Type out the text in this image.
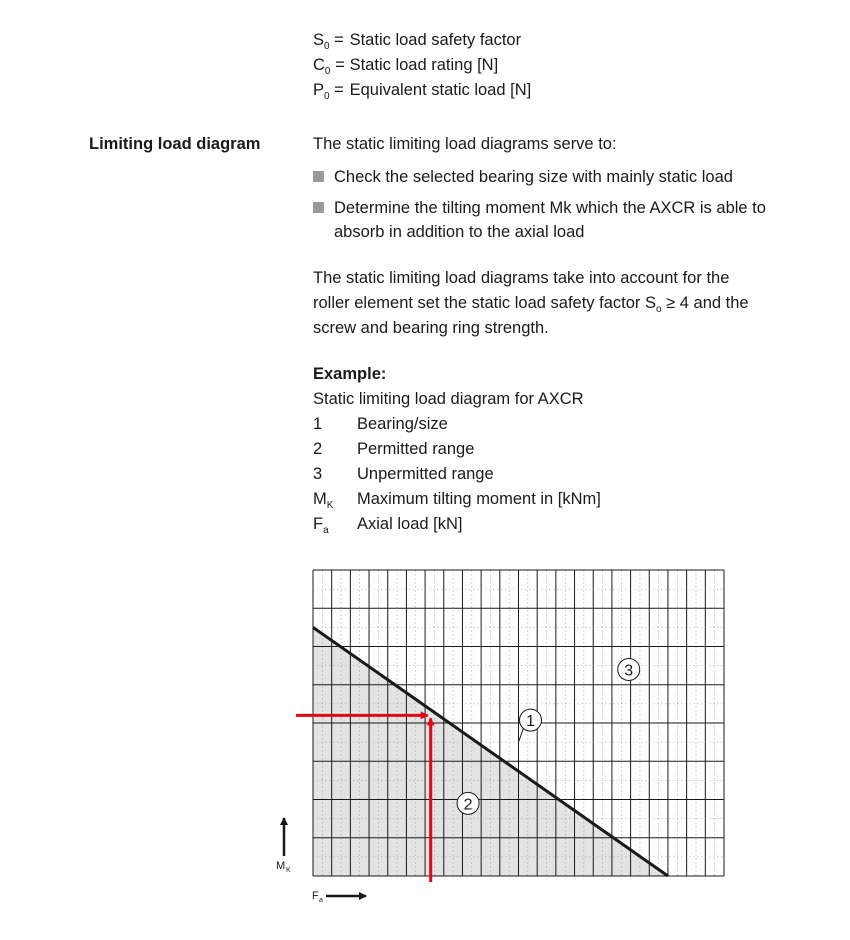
$S_0$ = Static load safety factor
$C_0$ = Static load rating [N]
$P_0$ = Equivalent static load [N]
Limiting load diagram	The static limiting load diagrams serve to:
Check the selected bearing size with mainly static load
Determine the tilting moment Mk which the AXCR is able to
absorb in addition to the axial load
The static limiting load diagrams take into account for the
roller element set the static load safety factor $S_o \ge 4$ and the
screw and bearing ring strength.
Example:
Static limiting load diagram for AXCR
1 Bearing/size
2 Permitted range
3 Unpermitted range
$M_K$ Maximum tilting moment in [kNm]
$F_a$ Axial load [kN]
1
2
3
M K
F a
